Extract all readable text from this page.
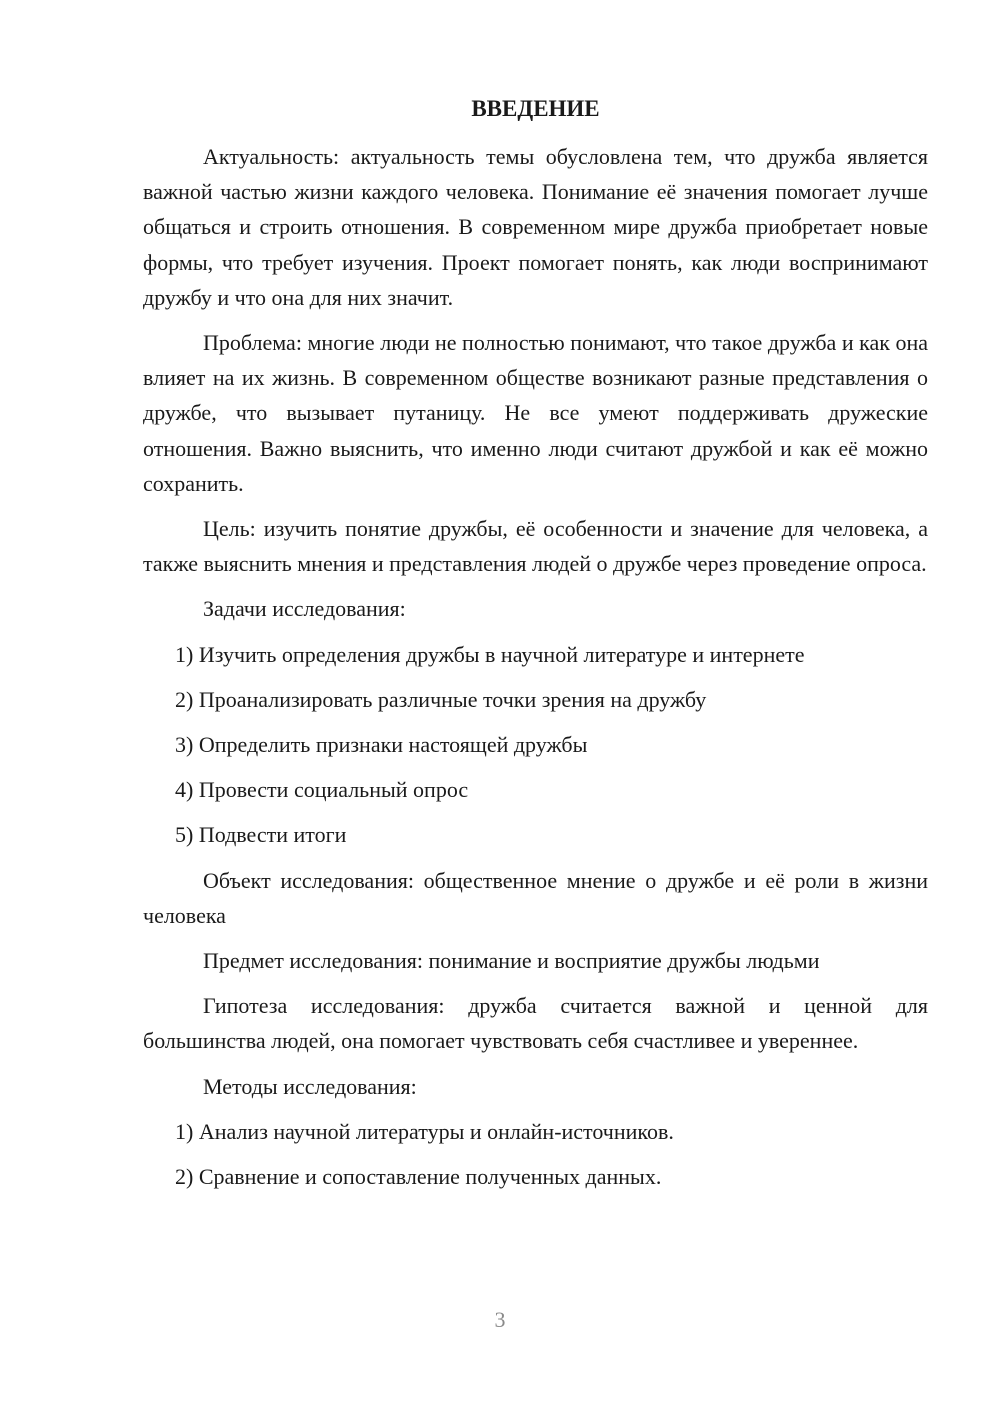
ВВЕДЕНИЕ

Актуальность: актуальность темы обусловлена тем, что дружба является важной частью жизни каждого человека. Понимание её значения помогает лучше общаться и строить отношения. В современном мире дружба приобретает новые формы, что требует изучения. Проект помогает понять, как люди воспринимают дружбу и что она для них значит.

Проблема: многие люди не полностью понимают, что такое дружба и как она влияет на их жизнь. В современном обществе возникают разные представления о дружбе, что вызывает путаницу. Не все умеют поддерживать дружеские отношения. Важно выяснить, что именно люди считают дружбой и как её можно сохранить.

Цель: изучить понятие дружбы, её особенности и значение для человека, а также выяснить мнения и представления людей о дружбе через проведение опроса.

Задачи исследования:

1) Изучить определения дружбы в научной литературе и интернете

2) Проанализировать различные точки зрения на дружбу

3) Определить признаки настоящей дружбы

4) Провести социальный опрос

5) Подвести итоги

Объект исследования: общественное мнение о дружбе и её роли в жизни человека

Предмет исследования: понимание и восприятие дружбы людьми

Гипотеза исследования: дружба считается важной и ценной для большинства людей, она помогает чувствовать себя счастливее и увереннее.

Методы исследования:

1) Анализ научной литературы и онлайн-источников.

2) Сравнение и сопоставление полученных данных.

3
